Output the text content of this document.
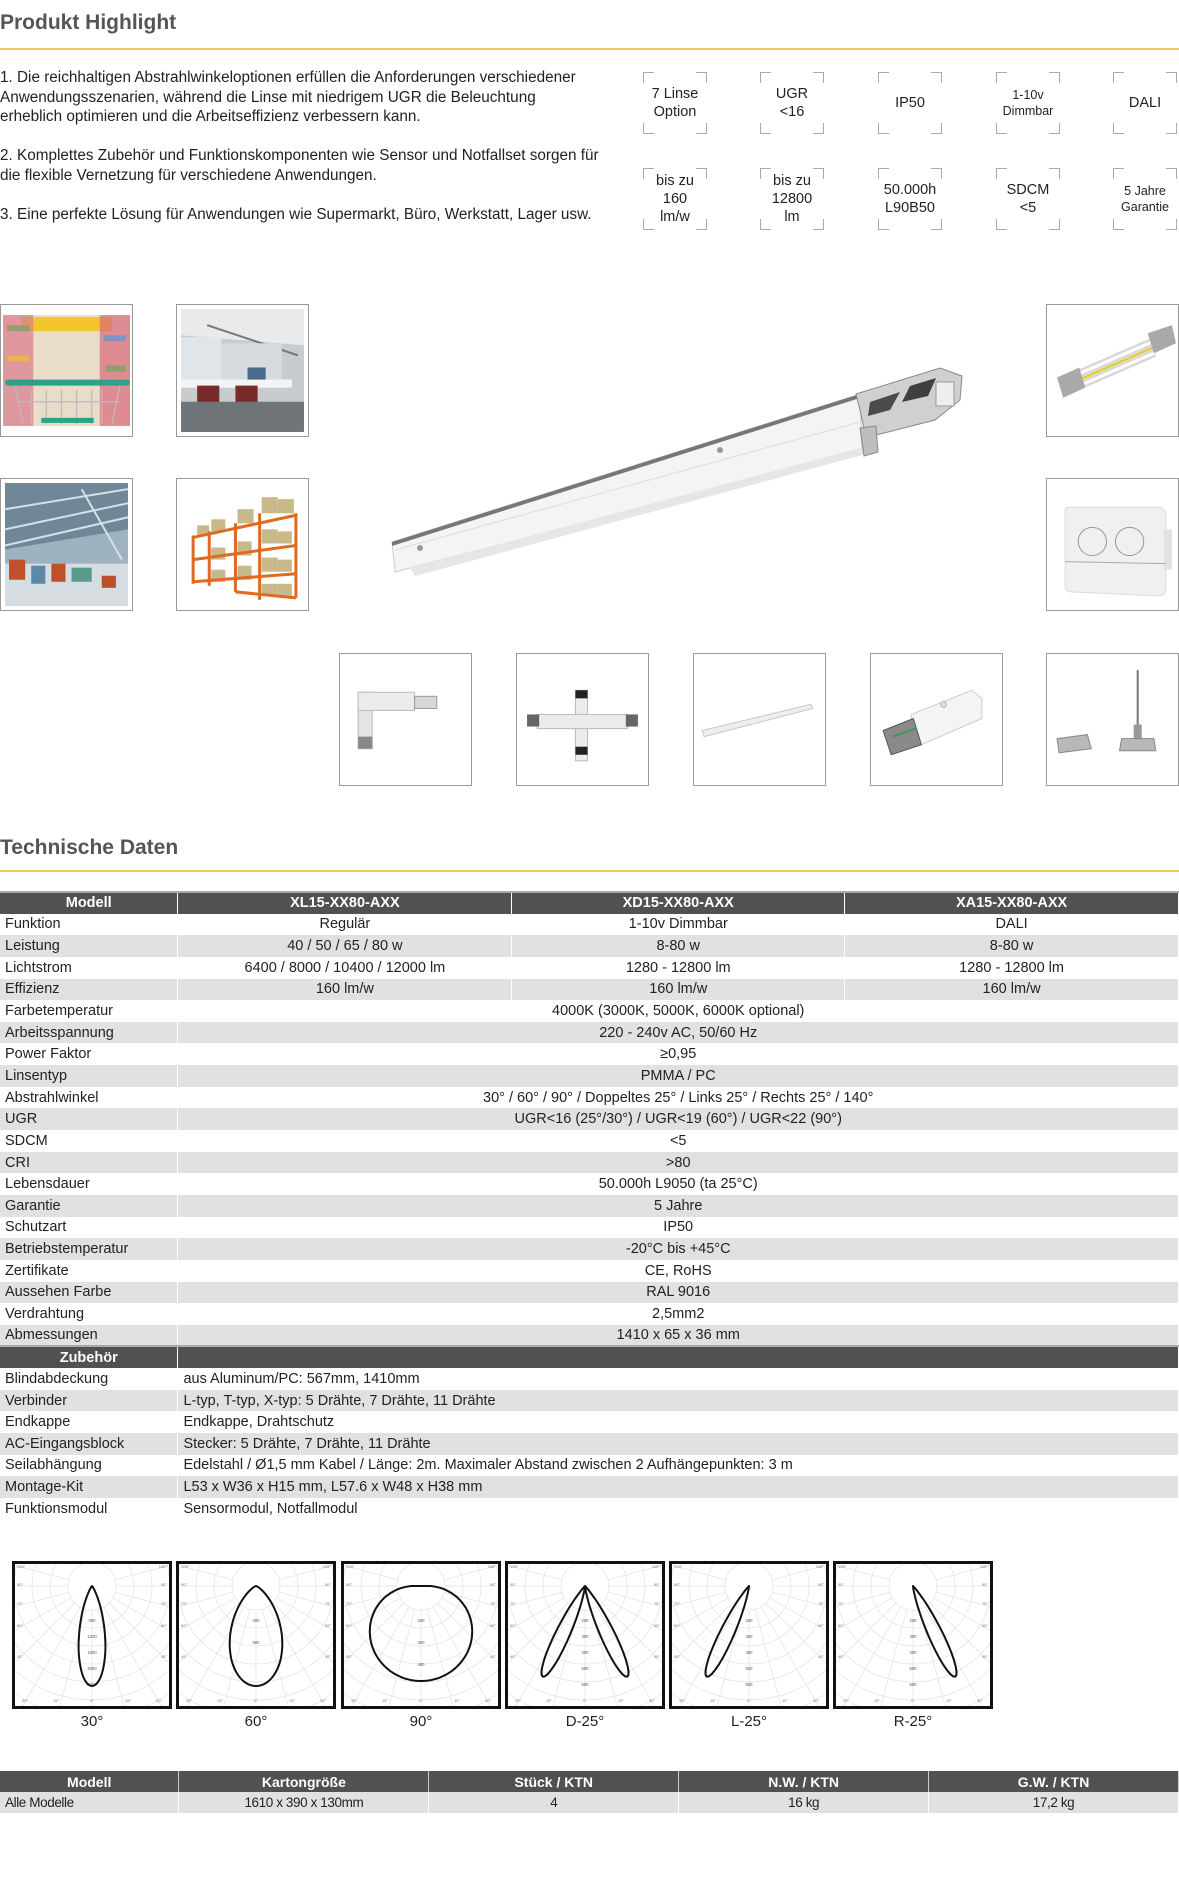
Produkt Highlight

1. Die reichhaltigen Abstrahlwinkeloptionen erfüllen die Anforderungen verschiedener Anwendungsszenarien, während die Linse mit niedrigem UGR die Beleuchtung erheblich optimieren und die Arbeitseffizienz verbessern kann.

2. Komplettes Zubehör und Funktionskomponenten wie Sensor und Notfallset sorgen für die flexible Vernetzung für verschiedene Anwendungen.

3. Eine perfekte Lösung für Anwendungen wie Supermarkt, Büro, Werkstatt, Lager usw.

7 Linse
Option
UGR
<16
IP50	1-10v
Dimmbar	DALI
bis zu
160
lm/w
bis zu
12800
lm
50.000h
L90B50
SDCM
<5
5 Jahre
Garantie
Technische Daten
Modell	XL15-XX80-AXX	XD15-XX80-AXX	XA15-XX80-AXX
Funktion	Regulär	1-10v Dimmbar	DALI
Leistung	40 / 50 / 65 / 80 w	8-80 w	8-80 w
Lichtstrom	6400 / 8000 / 10400 / 12000 lm	1280 - 12800 lm	1280 - 12800 lm
Effizienz	160 lm/w	160 lm/w	160 lm/w
Farbetemperatur	4000K (3000K, 5000K, 6000K optional)		
Arbeitsspannung	220 - 240v AC, 50/60 Hz		
Power Faktor	≥0,95		
Linsentyp	PMMA / PC		
Abstrahlwinkel	30° / 60° / 90° / Doppeltes 25° / Links 25° / Rechts 25° / 140°		
UGR	UGR<16 (25°/30°) / UGR<19 (60°) / UGR<22 (90°)		
SDCM	<5		
CRI	>80		
Lebensdauer	50.000h L9050 (ta 25°C)		
Garantie	5 Jahre		
Schutzart	IP50		
Betriebstemperatur	-20°C bis +45°C		
Zertifikate	CE, RoHS		
Aussehen Farbe	RAL 9016		
Verdrahtung	2,5mm2		
Abmessungen	1410 x 65 x 36 mm		
Zubehör			
Blindabdeckung	aus Aluminum/PC: 567mm, 1410mm		
Verbinder	L-typ, T-typ, X-typ: 5 Drähte, 7 Drähte, 11 Drähte		
Endkappe	Endkappe, Drahtschutz		
AC-Eingangsblock	Stecker: 5 Drähte, 7 Drähte, 11 Drähte		
Seilabhängung	Edelstahl / Ø1,5 mm Kabel / Länge: 2m. Maximaler Abstand zwischen 2 Aufhängepunkten: 3 m		
Montage-Kit	L53 x W36 x H15 mm, L57.6 x W48 x H38 mm		
Funktionsmodul	Sensormodul, Notfallmodul		
105°	105°
90°	90°
75°	75°
60°	60°
45°	45°
30°	15°	0°	15°	30°
800
1200
1600
2000
2400
30°
105°	105°
90°	90°
75°	75°
60°	60°
45°	45°
30°	15°	0°	15°	30°
400
600
60°
105°	105°
90°	90°
75°	75°
60°	60°
45°	45°
30°	15°	0°	15°	30°
200
300
400
90°
105°	105°
90°	90°
75°	75°
60°	60°
45°	45°
30°	15°	0°	15°	30°
200
300
400
500
600
D-25°
105°	105°
90°	90°
75°	75°
60°	60°
45°	45°
30°	15°	0°	15°	30°
200
300
400
500
600
L-25°
105°	105°
90°	90°
75°	75°
60°	60°
45°	45°
30°	15°	0°	15°	30°
200
300
400
500
600
R-25°
Modell	Kartongröße	Stück / KTN	N.W. / KTN	G.W. / KTN
Alle Modelle	1610 x 390 x 130mm	4	16 kg	17,2 kg
